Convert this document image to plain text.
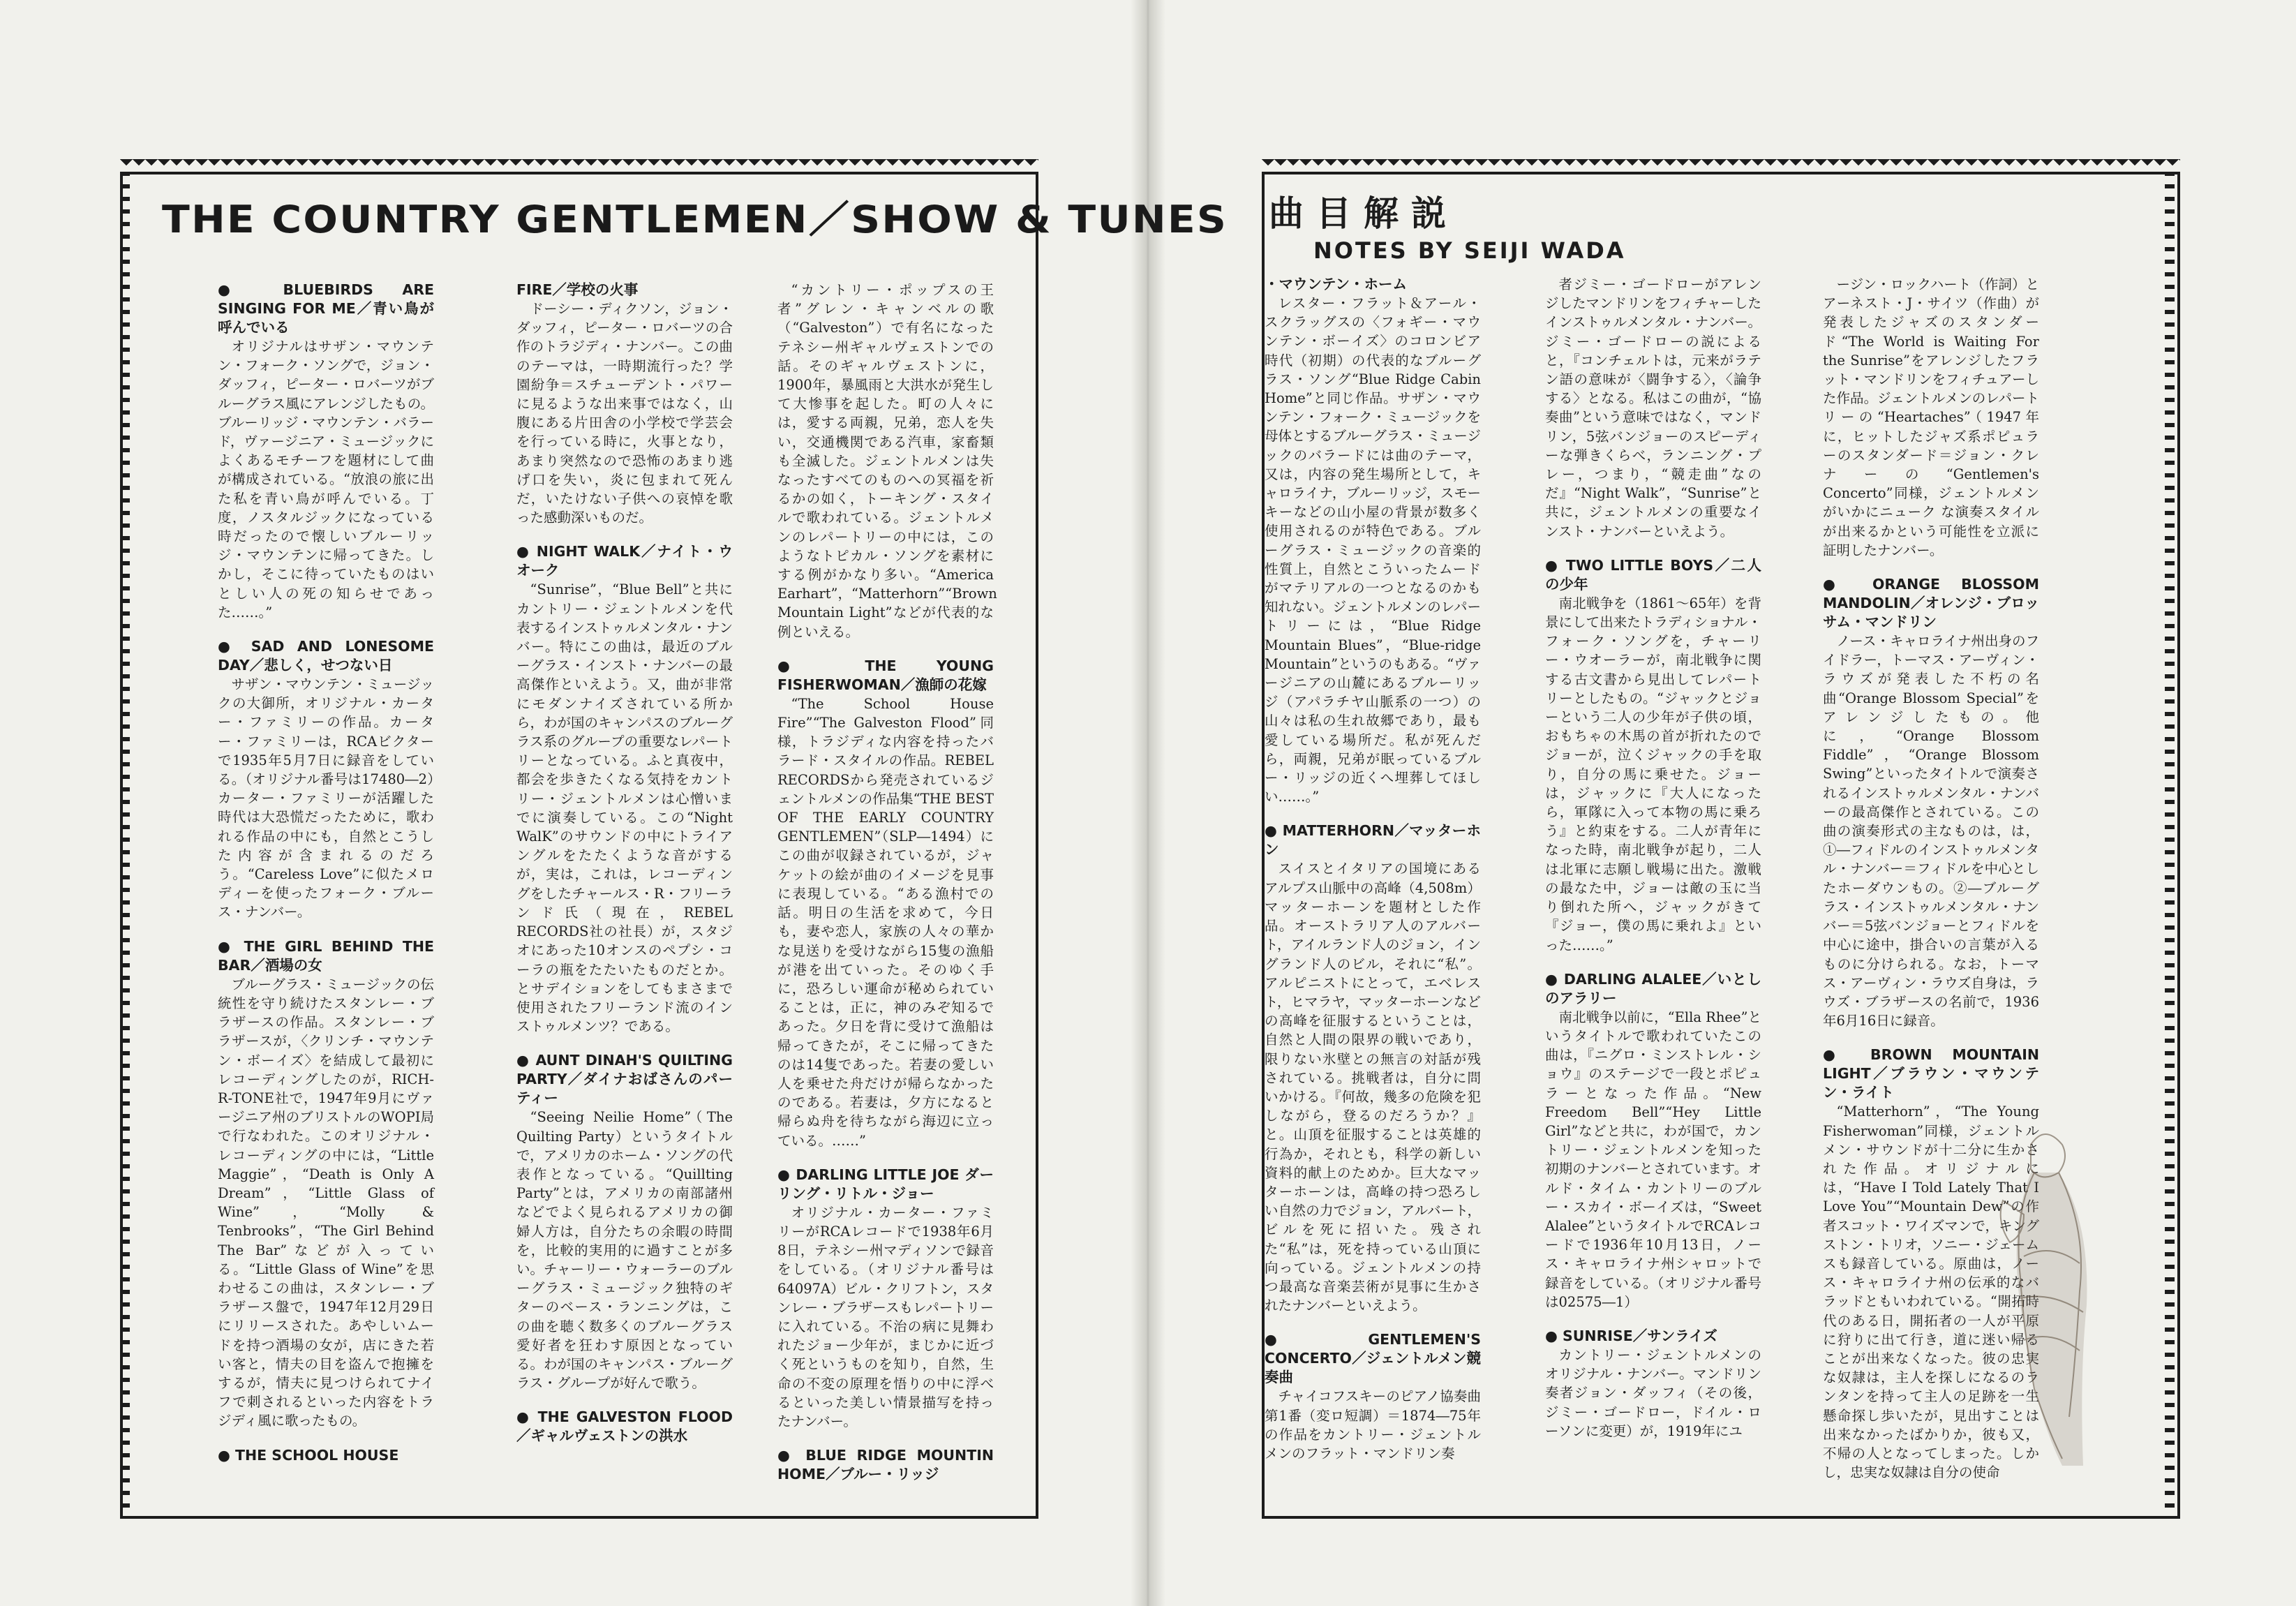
THE COUNTRY GENTLEMEN／SHOW & TUNES 曲目解説
NOTES BY SEIJI WADA
● BLUEBIRDS ARE SINGING FOR ME／青い鳥が呼んでいる

オリジナルはサザン・マウンテン・フォーク・ソングで，ジョン・ダッフィ，ピーター・ロバーツがブルーグラス風にアレンジしたもの。ブルーリッジ・マウンテン・バラード，ヴァージニア・ミュージックによくあるモチーフを題材にして曲が構成されている。“放浪の旅に出た私を青い鳥が呼んでいる。丁度，ノスタルジックになっている時だったので懐しいブルーリッジ・マウンテンに帰ってきた。しかし，そこに待っていたものはいとしい人の死の知らせであった……。”

● SAD AND LONESOME DAY／悲しく，せつない日

サザン・マウンテン・ミュージックの大御所，オリジナル・カーター・ファミリーの作品。カーター・ファミリーは，RCAビクターで1935年5月7日に録音をしている。（オリジナル番号は17480―2）カーター・ファミリーが活躍した時代は大恐慌だったために，歌われる作品の中にも，自然とこうした内容が含まれるのだろう。“Careless Love”に似たメロディーを使ったフォーク・ブルース・ナンバー。

● THE GIRL BEHIND THE BAR／酒場の女

ブルーグラス・ミュージックの伝統性を守り続けたスタンレー・ブラザースの作品。スタンレー・ブラザースが，〈クリンチ・マウンテン・ボーイズ〉を結成して最初にレコーディングしたのが，RICH-R-TONE社で，1947年9月にヴァージニア州のブリストルのWOPI局で行なわれた。このオリジナル・レコーディングの中には，“Little Maggie”，“Death is Only A Dream”，“Little Glass of Wine”，“Molly & Tenbrooks”，“The Girl Behind The Bar”などが入っている。“Little Glass of Wine”を思わせるこの曲は，スタンレー・ブラザース盤で，1947年12月29日にリリースされた。あやしいムードを持つ酒場の女が，店にきた若い客と，情夫の目を盗んで抱擁をするが，情夫に見つけられてナイフで刺されるといった内容をトラジディ風に歌ったもの。

● THE SCHOOL HOUSE
FIRE／学校の火事

ドーシー・ディクソン，ジョン・ダッフィ，ピーター・ロバーツの合作のトラジディ・ナンバー。この曲のテーマは，一時期流行った？学園紛争＝スチューデント・パワーに見るような出来事ではなく，山腹にある片田舎の小学校で学芸会を行っている時に，火事となり，あまり突然なので恐怖のあまり逃げ口を失い，炎に包まれて死んだ，いたけない子供への哀悼を歌った感動深いものだ。

● NIGHT WALK／ナイト・ウオーク

“Sunrise”，“Blue Bell”と共にカントリー・ジェントルメンを代表するインストゥルメンタル・ナンバー。特にこの曲は，最近のブルーグラス・インスト・ナンバーの最高傑作といえよう。又，曲が非常にモダンナイズされている所から，わが国のキャンパスのブルーグラス系のグループの重要なレパートリーとなっている。ふと真夜中，都会を歩きたくなる気持をカントリー・ジェントルメンは心憎いまでに演奏している。この“Night WalK”のサウンドの中にトライアングルをたたくような音がするが，実は，これは，レコーディングをしたチャールス・R・フリーランド氏（現在，REBEL RECORDS社の社長）が，スタジオにあった10オンスのペプシ・コーラの瓶をたたいたものだとか。とサデイションをしてもまさまで使用されたフリーランド流のインストゥルメンツ？である。

● AUNT DINAH'S QUILTING PARTY／ダイナおばさんのパーティー

“Seeing Neilie Home”（The Quilting Party）というタイトルで，アメリカのホーム・ソングの代表作となっている。“Quillting Party”とは，アメリカの南部諸州などでよく見られるアメリカの御婦人方は，自分たちの余暇の時間を，比較的実用的に過すことが多い。チャーリー・ウォーラーのブルーグラス・ミュージック独特のギターのベース・ランニングは，この曲を聴く数多くのブルーグラス愛好者を狂わす原因となっている。わが国のキャンパス・ブルーグラス・グループが好んで歌う。

● THE GALVESTON FLOOD／ギャルヴェストンの洪水

“カントリー・ポップスの王者”グレン・キャンベルの歌（“Galveston”）で有名になったテネシー州ギャルヴェストンでの話。そのギャルヴェストンに，1900年，暴風雨と大洪水が発生して大惨事を起した。町の人々には，愛する両親，兄弟，恋人を失い，交通機関である汽車，家畜類も全滅した。ジェントルメンは失なったすべてのものへの冥福を祈るかの如く，トーキング・スタイルで歌われている。ジェントルメンのレパートリーの中には，このようなトピカル・ソングを素材にする例がかなり多い。“America Earhart”，“Matterhorn”“Brown Mountain Light”などが代表的な例といえる。

● THE YOUNG FISHERWOMAN／漁師の花嫁

“The School House Fire”“The Galveston Flood”同様，トラジディな内容を持ったバラード・スタイルの作品。REBEL RECORDSから発売されているジェントルメンの作品集“THE BEST OF THE EARLY COUNTRY GENTLEMEN”（SLP―1494）にこの曲が収録されているが，ジャケットの絵が曲のイメージを見事に表現している。“ある漁村での話。明日の生活を求めて，今日も，妻や恋人，家族の人々の華かな見送りを受けながら15隻の漁船が港を出ていった。そのゆく手に，恐ろしい運命が秘められていることは，正に，神のみぞ知るであった。夕日を背に受けて漁船は帰ってきたが，そこに帰ってきたのは14隻であった。若妻の愛しい人を乗せた舟だけが帰らなかったのである。若妻は，夕方になると帰らぬ舟を待ちながら海辺に立っている。……”

● DARLING LITTLE JOE ダーリング・リトル・ジョー

オリジナル・カーター・ファミリーがRCAレコードで1938年6月8日，テネシー州マディソンで録音をしている。（オリジナル番号は64097A）ビル・クリフトン，スタンレー・ブラザースもレパートリーに入れている。不治の病に見舞われたジョー少年が，まじかに近づく死というものを知り，自然，生命の不変の原理を悟りの中に浮べるといった美しい情景描写を持ったナンバー。

● BLUE RIDGE MOUNTIN HOME／ブルー・リッジ
・マウンテン・ホーム

レスター・フラット＆アール・スクラッグスの〈フォギー・マウンテン・ボーイズ〉のコロンビア時代（初期）の代表的なブルーグラス・ソング“Blue Ridge Cabin Home”と同じ作品。サザン・マウンテン・フォーク・ミュージックを母体とするブルーグラス・ミュージックのバラードには曲のテーマ，又は，内容の発生場所として，キャロライナ，ブルーリッジ，スモーキーなどの山小屋の背景が数多く使用されるのが特色である。ブルーグラス・ミュージックの音楽的性質上，自然とこういったムードがマテリアルの一つとなるのかも知れない。ジェントルメンのレパートリーには，“Blue Ridge Mountain Blues”，“Blue-ridge Mountain”というのもある。“ヴァージニアの山麓にあるブルーリッジ（アパラチヤ山脈系の一つ）の山々は私の生れ故郷であり，最も愛している場所だ。私が死んだら，両親，兄弟が眠っているブルー・リッジの近くへ埋葬してほしい……。”

● MATTERHORN／マッターホン

スイスとイタリアの国境にあるアルプス山脈中の高峰（4,508m）マッターホーンを題材とした作品。オーストラリア人のアルバート，アイルランド人のジョン，イングランド人のビル，それに“私”。アルピニストにとって，エベレスト，ヒマラヤ，マッターホーンなどの高峰を征服するということは，自然と人間の限界の戦いであり，限りない氷壁との無言の対話が残されている。挑戦者は，自分に問いかける。『何故，幾多の危険を犯しながら，登るのだろうか？』と。山頂を征服することは英雄的行為か，それとも，科学の新しい資料的献上のためか。巨大なマッターホーンは，高峰の持つ恐ろしい自然の力でジョン，アルバート，ビルを死に招いた。残された“私”は，死を持っている山頂に向っている。ジェントルメンの持つ最高な音楽芸術が見事に生かされたナンバーといえよう。

● GENTLEMEN'S CONCERTO／ジェントルメン競奏曲

チャイコフスキーのピアノ協奏曲第1番（変ロ短調）＝1874―75年の作品をカントリー・ジェントルメンのフラット・マンドリン奏

者ジミー・ゴードローがアレンジしたマンドリンをフィチャーしたインストゥルメンタル・ナンバー。ジミー・ゴードローの説によると，『コンチェルトは，元来がラテン語の意味が〈闘争する〉，〈論争する〉となる。私はこの曲が，“協奏曲”という意味ではなく，マンドリン，5弦バンジョーのスピーディーな弾きくらべ，ランニング・プレー，つまり，“競走曲”なのだ』“Night Walk”，“Sunrise”と共に，ジェントルメンの重要なインスト・ナンバーといえよう。

● TWO LITTLE BOYS／二人の少年

南北戦争を（1861～65年）を背景にして出来たトラディショナル・フォーク・ソングを，チャーリー・ウオーラーが，南北戦争に関する古文書から見出してレパートリーとしたもの。“ジャックとジョーという二人の少年が子供の頃，おもちゃの木馬の首が折れたのでジョーが，泣くジャックの手を取り，自分の馬に乗せた。ジョーは，ジャックに『大人になったら，軍隊に入って本物の馬に乗ろう』と約束をする。二人が青年になった時，南北戦争が起り，二人は北軍に志願し戦場に出た。激戦の最なた中，ジョーは敵の玉に当り倒れた所へ，ジャックがきて『ジョー，僕の馬に乗れよ』といった……。”

● DARLING ALALEE／いとしのアラリー

南北戦争以前に，“Ella Rhee”というタイトルで歌われていたこの曲は，『ニグロ・ミンストレル・ショウ』のステージで一段とポピュラーとなった作品。“New Freedom Bell”“Hey Little Girl”などと共に，わが国で，カントリー・ジェントルメンを知った初期のナンバーとされています。オルド・タイム・カントリーのブルー・スカイ・ボーイズは，“Sweet Alalee”というタイトルでRCAレコードで1936年10月13日，ノース・キャロライナ州シャロットで録音をしている。（オリジナル番号は02575―1）

● SUNRISE／サンライズ

カントリー・ジェントルメンのオリジナル・ナンバー。マンドリン奏者ジョン・ダッフィ（その後，ジミー・ゴードロー，ドイル・ローソンに変更）が，1919年にユ

ージン・ロックハート（作詞）とアーネスト・J・サイツ（作曲）が発表したジャズのスタンダード“The World is Waiting For the Sunrise”をアレンジしたフラット・マンドリンをフィチュアーした作品。ジェントルメンのレパートリーの“Heartaches”（1947年に，ヒットしたジャズ系ポピュラーのスタンダード＝ジョン・クレナーの“Gentlemen's Concerto”同様，ジェントルメンがいかにニューク な演奏スタイルが出来るかという可能性を立派に証明したナンバー。

● ORANGE BLOSSOM MANDOLIN／オレンジ・ブロッサム・マンドリン

ノース・キャロライナ州出身のフイドラー，トーマス・アーヴィン・ラウズが発表した不朽の名曲“Orange Blossom Special”をアレンジしたもの。他に，“Orange Blossom Fiddle”，“Orange Blossom Swing”といったタイトルで演奏されるインストゥルメンタル・ナンバーの最高傑作とされている。この曲の演奏形式の主なものは，は，①―フィドルのインストゥルメンタル・ナンバー＝フィドルを中心としたホーダウンもの。②―ブルーグラス・インストゥルメンタル・ナンバー＝5弦バンジョーとフィドルを中心に途中，掛合いの言葉が入るものに分けられる。なお，トーマス・アーヴィン・ラウズ自身は，ラウズ・ブラザースの名前で，1936年6月16日に録音。

● BROWN MOUNTAIN LIGHT／ブラウン・マウンテン・ライト

“Matterhorn”，“The Young Fisherwoman”同様，ジェントルメン・サウンドが十二分に生かされた作品。オリジナルには，“Have I Told Lately That I Love You”“Mountain Dew”の作者スコット・ワイズマンで，キングストン・トリオ，ソニー・ジェームスも録音している。原曲は，ノース・キャロライナ州の伝承的なバラッドともいわれている。“開拓時代のある日，開拓者の一人が平原に狩りに出て行き，道に迷い帰ることが出来なくなった。彼の忠実な奴隷は，主人を探しになるのランタンを持って主人の足跡を一生懸命探し歩いたが，見出すことは出来なかったばかりか，彼も又，不帰の人となってしまった。しかし，忠実な奴隷は自分の使命
